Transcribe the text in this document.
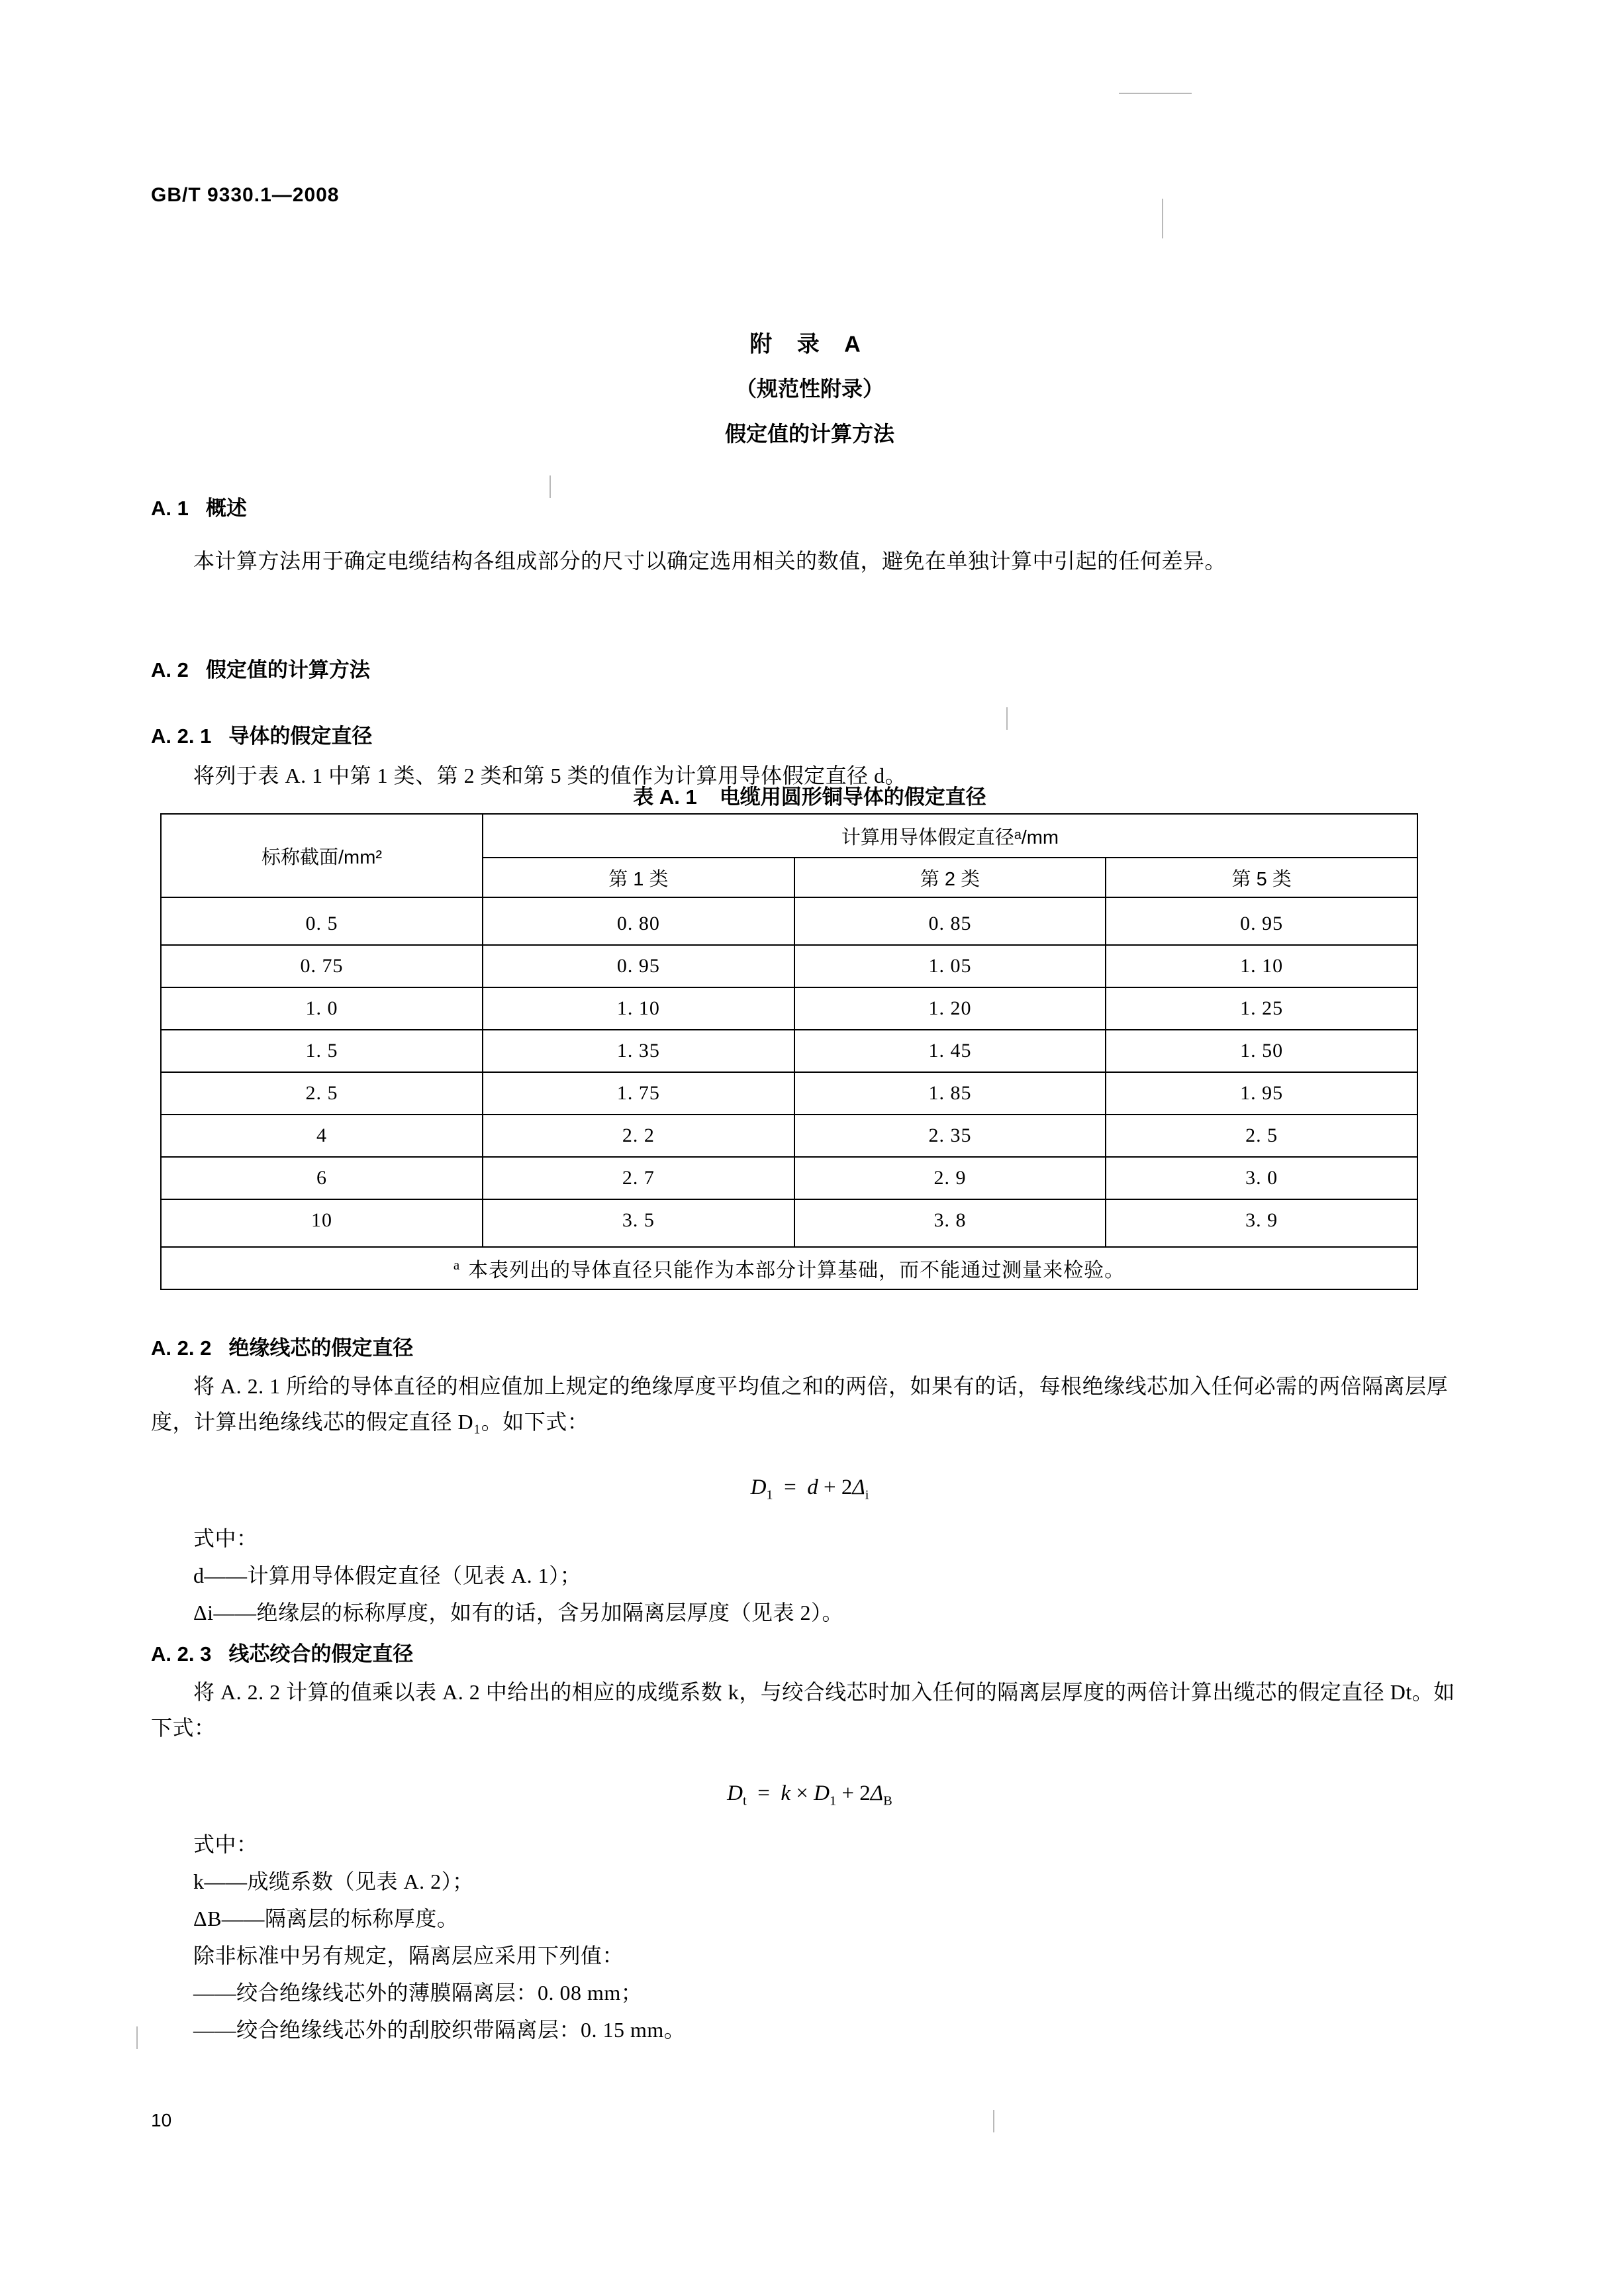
GB/T 9330.1—2008
附 录 A
（规范性附录）
假定值的计算方法
A. 1 概述
本计算方法用于确定电缆结构各组成部分的尺寸以确定选用相关的数值，避免在单独计算中引起的任何差异。
A. 2 假定值的计算方法
A. 2. 1 导体的假定直径
将列于表 A. 1 中第 1 类、第 2 类和第 5 类的值作为计算用导体假定直径 d。
表 A. 1 电缆用圆形铜导体的假定直径
标称截面/mm²	计算用导体假定直径ᵃ/mm		
	第 1 类	第 2 类	第 5 类
0. 5	0. 80	0. 85	0. 95
0. 75	0. 95	1. 05	1. 10
1. 0	1. 10	1. 20	1. 25
1. 5	1. 35	1. 45	1. 50
2. 5	1. 75	1. 85	1. 95
4	2. 2	2. 35	2. 5
6	2. 7	2. 9	3. 0
10	3. 5	3. 8	3. 9
$^a$ 本表列出的导体直径只能作为本部分计算基础，而不能通过测量来检验。			
A. 2. 2 绝缘线芯的假定直径
将 A. 2. 1 所给的导体直径的相应值加上规定的绝缘厚度平均值之和的两倍，如果有的话，每根绝缘线芯加入任何必需的两倍隔离层厚度，计算出绝缘线芯的假定直径 D₁。如下式：
$D_1 = d + 2\Delta_i$
式中：
d——计算用导体假定直径（见表 A. 1）；
Δi——绝缘层的标称厚度，如有的话，含另加隔离层厚度（见表 2）。
A. 2. 3 线芯绞合的假定直径
将 A. 2. 2 计算的值乘以表 A. 2 中给出的相应的成缆系数 k，与绞合线芯时加入任何的隔离层厚度的两倍计算出缆芯的假定直径 Dt。如下式：
$D_t = k \times D_1 + 2\Delta_B$
式中：
k——成缆系数（见表 A. 2）；
ΔB——隔离层的标称厚度。
除非标准中另有规定，隔离层应采用下列值：
——绞合绝缘线芯外的薄膜隔离层：0. 08 mm；
——绞合绝缘线芯外的刮胶织带隔离层：0. 15 mm。
10
